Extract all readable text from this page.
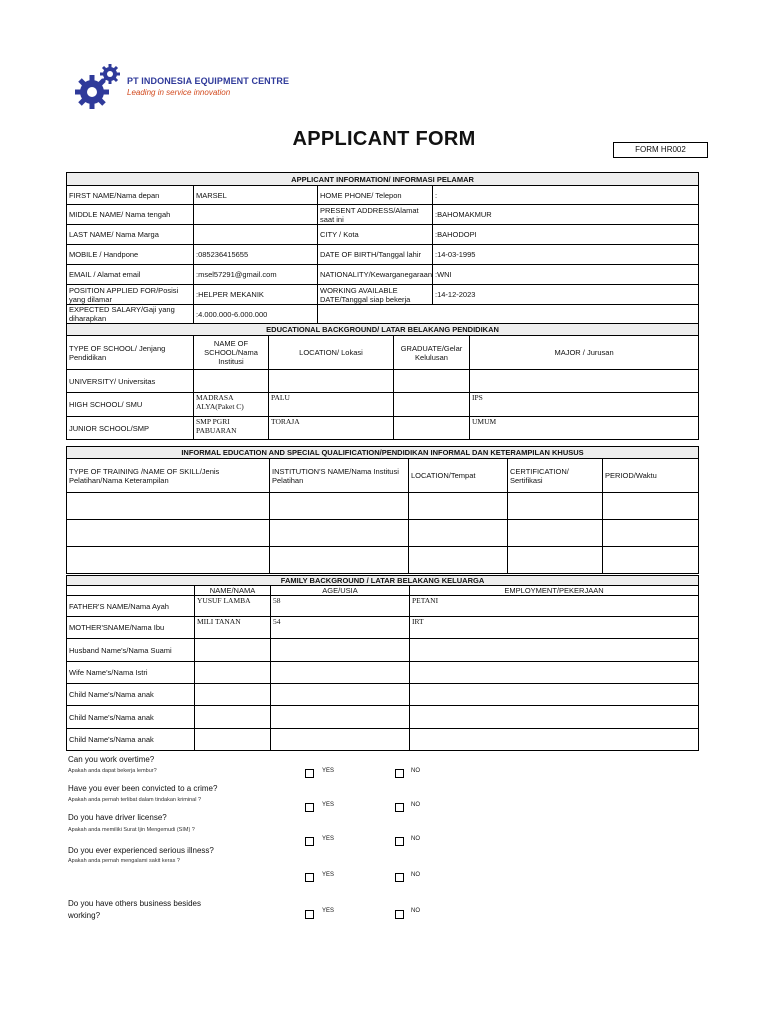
PT INDONESIA EQUIPMENT CENTRE
Leading in service innovation
APPLICANT FORM	FORM HR002
APPLICANT INFORMATION/ INFORMASI PELAMAR						
FIRST NAME/Nama depan	MARSEL		HOME PHONE/ Telepon		:	
MIDDLE NAME/ Nama tengah			PRESENT ADDRESS/Alamat saat ini		:BAHOMAKMUR	
LAST NAME/ Nama Marga			CITY / Kota		:BAHODOPI	
MOBILE / Handpone	:085236415655		DATE OF BIRTH/Tanggal lahir		:14-03-1995	
EMAIL / Alamat email	:msel57291@gmail.com		NATIONALITY/Kewarganegaraan		:WNI	
POSITION APPLIED FOR/Posisi yang dilamar	:HELPER MEKANIK		WORKING AVAILABLE DATE/Tanggal siap bekerja		:14-12-2023	
EXPECTED SALARY/Gaji yang diharapkan	:4.000.000-6.000.000					
EDUCATIONAL BACKGROUND/ LATAR BELAKANG PENDIDIKAN						
TYPE OF SCHOOL/ Jenjang Pendidikan	NAME OF SCHOOL/Nama Institusi	LOCATION/ Lokasi		GRADUATE/Gelar Kelulusan		MAJOR / Jurusan
UNIVERSITY/ Universitas						
HIGH SCHOOL/ SMU	MADRASA ALYA(Paket C)	PALU				IPS
JUNIOR SCHOOL/SMP	SMP PGRI PABUARAN	TORAJA				UMUM
INFORMAL EDUCATION AND SPECIAL QUALIFICATION/PENDIDIKAN INFORMAL DAN KETERAMPILAN KHUSUS				
TYPE OF TRAINING /NAME OF SKILL/Jenis Pelatihan/Nama Keterampilan	INSTITUTION'S NAME/Nama Institusi Pelatihan	LOCATION/Tempat	CERTIFICATION/ Sertifikasi	PERIOD/Waktu

FAMILY BACKGROUND / LATAR BELAKANG KELUARGA			
	NAME/NAMA	AGE/USIA	EMPLOYMENT/PEKERJAAN
FATHER'S NAME/Nama Ayah	YUSUF LAMBA	58	PETANI
MOTHER'SNAME/Nama Ibu	MILI TANAN	54	IRT
Husband Name's/Nama Suami			
Wife Name's/Nama Istri			
Child Name's/Nama anak			
Child Name's/Nama anak			
Child Name's/Nama anak			
Can you work overtime?
Apakah anda dapat bekerja lembur?	YES	NO
Have you ever been convicted to a crime?
Apakah anda pernah terlibat dalam tindakan kriminal ?
YES	NO
Do you have driver license?
Apakah anda memiliki Surat Ijin Mengemudi (SIM) ?
YES	NO
Do you ever experienced serious illness?
Apakah anda pernah mengalami sakit keras ?
YES	NO
Do you have others business besides working?	YES	NO
